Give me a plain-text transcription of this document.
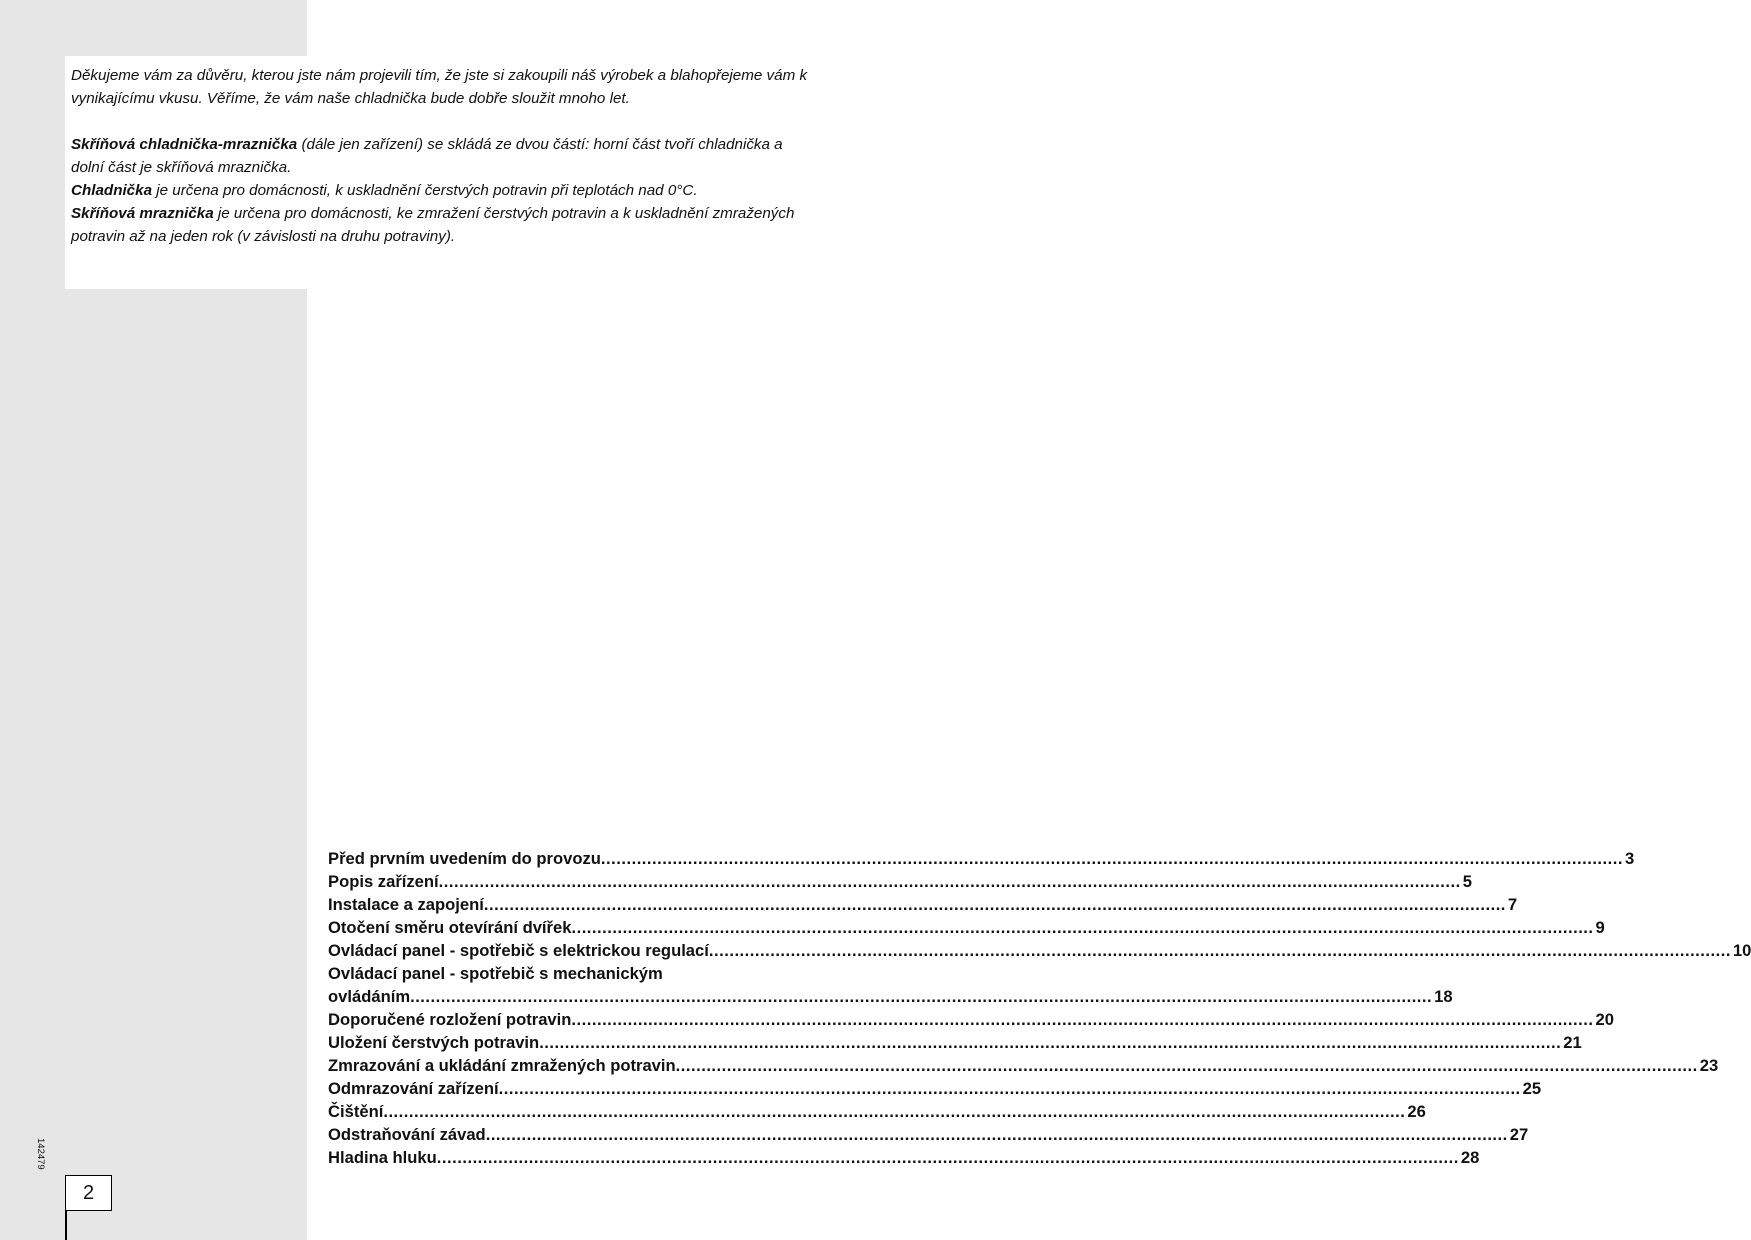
Děkujeme vám za důvěru, kterou jste nám projevili tím, že jste si zakoupili náš výrobek a blahopřejeme vám k vynikajícímu vkusu. Věříme, že vám naše chladnička bude dobře sloužit mnoho let.

Skříňová chladnička-mraznička (dále jen zařízení) se skládá ze dvou částí: horní část tvoří chladnička a dolní část je skříňová mraznička.

Chladnička je určena pro domácnosti, k uskladnění čerstvých potravin při teplotách nad 0°C.

Skříňová mraznička je určena pro domácnosti, ke zmražení čerstvých potravin a k uskladnění zmražených potravin až na jeden rok (v závislosti na druhu potraviny).

Před prvním uvedením do provozu ........................................................................................................................................................................................................ 3
Popis zařízení ........................................................................................................................................................................................................ 5
Instalace a zapojení ........................................................................................................................................................................................................ 7
Otočení směru otevírání dvířek ........................................................................................................................................................................................................ 9
Ovládací panel - spotřebič s elektrickou regulací ........................................................................................................................................................................................................ 10
Ovládací panel - spotřebič s mechanickým
ovládáním ........................................................................................................................................................................................................ 18
Doporučené rozložení potravin ........................................................................................................................................................................................................ 20
Uložení čerstvých potravin ........................................................................................................................................................................................................ 21
Zmrazování a ukládání zmražených potravin ........................................................................................................................................................................................................ 23
Odmrazování zařízení ........................................................................................................................................................................................................ 25
Čištění ........................................................................................................................................................................................................ 26
Odstraňování závad ........................................................................................................................................................................................................ 27
Hladina hluku ........................................................................................................................................................................................................ 28
142479
2
